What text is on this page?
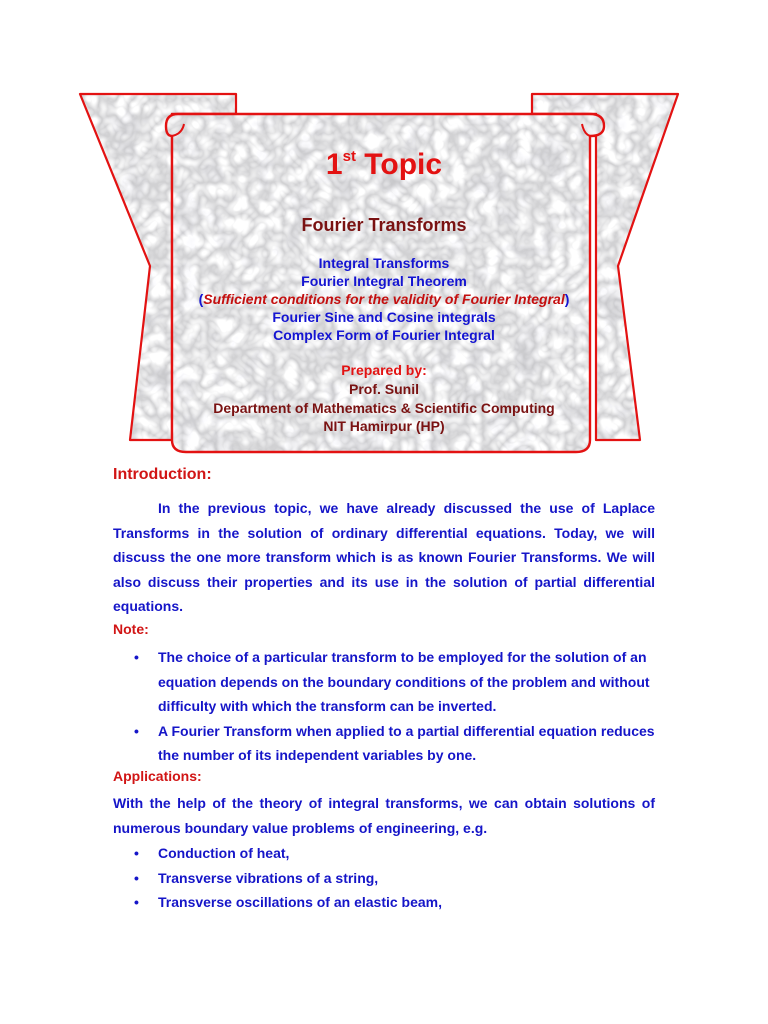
1st Topic

Fourier Transforms

Integral Transforms

Fourier Integral Theorem

(Sufficient conditions for the validity of Fourier Integral)

Fourier Sine and Cosine integrals

Complex Form of Fourier Integral

Prepared by:

Prof. Sunil

Department of Mathematics & Scientific Computing

NIT Hamirpur (HP)

Introduction:

In the previous topic, we have already discussed the use of Laplace Transforms in the solution of ordinary differential equations. Today, we will discuss the one more transform which is as known Fourier Transforms. We will also discuss their properties and its use in the solution of partial differential equations.

Note:

• The choice of a particular transform to be employed for the solution of an equation depends on the boundary conditions of the problem and without difficulty with which the transform can be inverted.
• A Fourier Transform when applied to a partial differential equation reduces the number of its independent variables by one.

Applications:

With the help of the theory of integral transforms, we can obtain solutions of numerous boundary value problems of engineering, e.g.

• Conduction of heat,
• Transverse vibrations of a string,
• Transverse oscillations of an elastic beam,
